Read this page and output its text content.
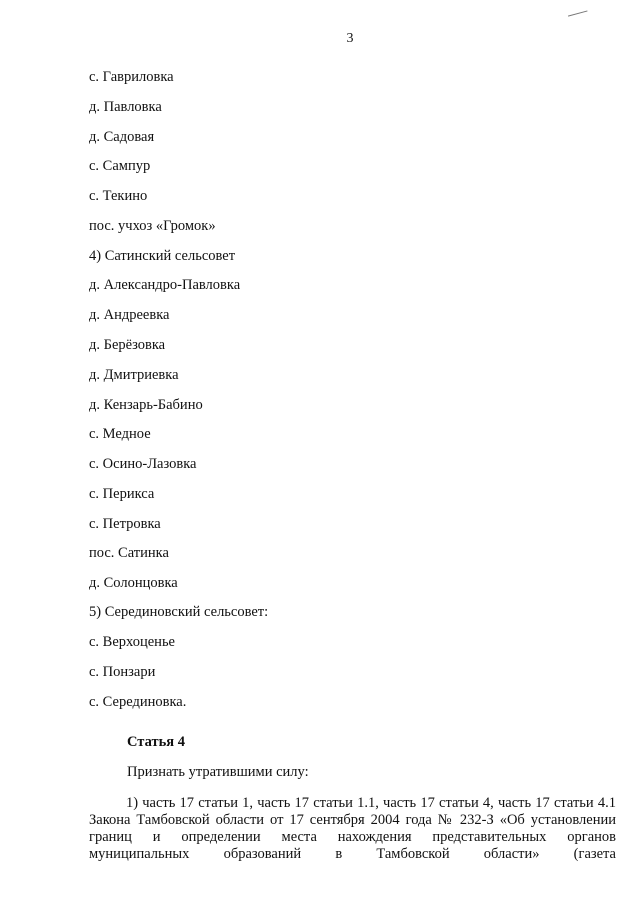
3
с. Гавриловка
д. Павловка
д. Садовая
с. Сампур
с. Текино
пос. учхоз «Громок»
4) Сатинский сельсовет
д. Александро-Павловка
д. Андреевка
д. Берёзовка
д. Дмитриевка
д. Кензарь-Бабино
с. Медное
с. Осино-Лазовка
с. Перикса
с. Петровка
пос. Сатинка
д. Солонцовка
5) Серединовский сельсовет:
с. Верхоценье
с. Понзари
с. Серединовка.
Статья 4
Признать утратившими силу:
1) часть 17 статьи 1, часть 17 статьи 1.1, часть 17 статьи 4, часть 17 статьи 4.1 Закона Тамбовской области от 17 сентября 2004 года № 232-З «Об установлении границ и определении места нахождения представительных органов муниципальных образований в Тамбовской области» (газета
